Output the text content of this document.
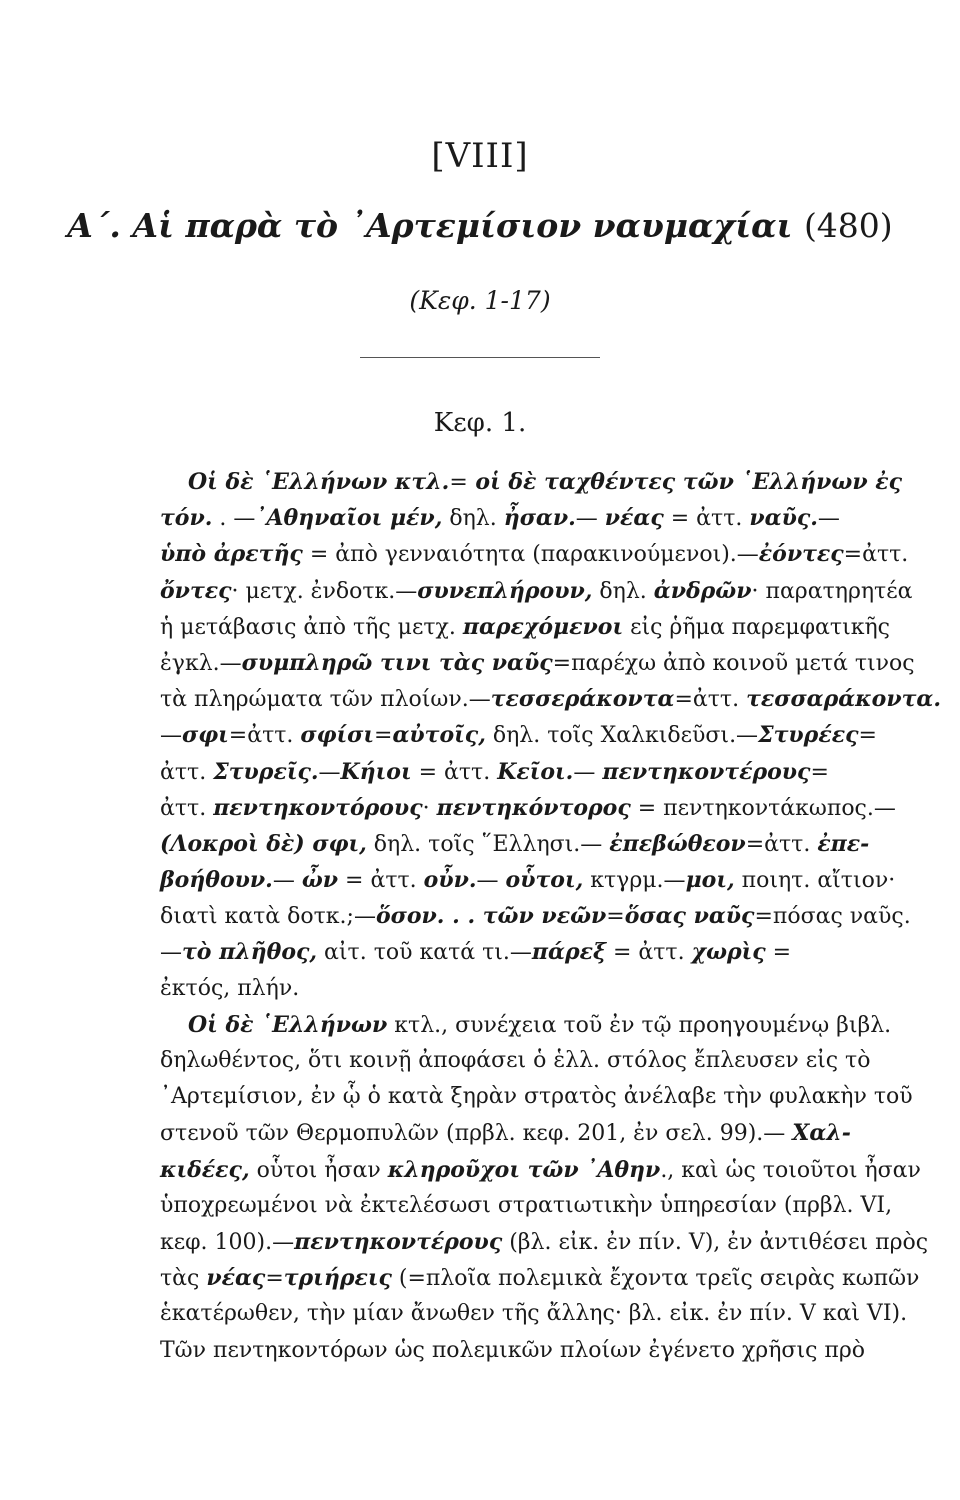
[VIII]
Α΄. Αἱ παρὰ τὸ ᾿Αρτεμίσιον ναυμαχίαι (480)
(Κεφ. 1-17)
Κεφ. 1.
Οἱ δὲ ῾Ελλήνων κτλ.= οἱ δὲ ταχθέντες τῶν ῾Ελλήνων ἐς
τόν. . —᾿Αθηναῖοι μέν, δηλ. ἦσαν.— νέας = ἀττ. ναῦς.—
ὑπὸ ἀρετῆς = ἀπὸ γενναιότητα (παρακινούμενοι).—ἐόντες=ἀττ.
ὄντες· μετχ. ἐνδοτκ.—συνεπλήρουν, δηλ. ἀνδρῶν· παρατηρητέα
ἡ μετάβασις ἀπὸ τῆς μετχ. παρεχόμενοι εἰς ῥῆμα παρεμφατικῆς
ἐγκλ.—συμπληρῶ τινι τὰς ναῦς=παρέχω ἀπὸ κοινοῦ μετά τινος
τὰ πληρώματα τῶν πλοίων.—τεσσεράκοντα=ἀττ. τεσσαράκοντα.
—σφι=ἀττ. σφίσι=αὐτοῖς, δηλ. τοῖς Χαλκιδεῦσι.—Στυρέες=
ἀττ. Στυρεῖς.—Κήιοι = ἀττ. Κεῖοι.— πεντηκοντέρους=
ἀττ. πεντηκοντόρους· πεντηκόντορος = πεντηκοντάκωπος.—
(Λοκροὶ δὲ) σφι, δηλ. τοῖς ῞Ελλησι.— ἐπεβώθεον=ἀττ. ἐπε-
βοήθουν.— ὦν = ἀττ. οὖν.— οὗτοι, κτγρμ.—μοι, ποιητ. αἴτιον·
διατὶ κατὰ δοτκ.;—ὅσον. . . τῶν νεῶν=ὅσας ναῦς=πόσας ναῦς.
—τὸ πλῆθος, αἰτ. τοῦ κατά τι.—πάρεξ = ἀττ. χωρὶς =
ἐκτός, πλήν.
Οἱ δὲ ῾Ελλήνων κτλ., συνέχεια τοῦ ἐν τῷ προηγουμένῳ βιβλ.
δηλωθέντος, ὅτι κοινῇ ἀποφάσει ὁ ἑλλ. στόλος ἔπλευσεν εἰς τὸ
᾿Αρτεμίσιον, ἐν ᾧ ὁ κατὰ ξηρὰν στρατὸς ἀνέλαβε τὴν φυλακὴν τοῦ
στενοῦ τῶν Θερμοπυλῶν (πρβλ. κεφ. 201, ἐν σελ. 99).— Χαλ-
κιδέες, οὗτοι ἦσαν κληροῦχοι τῶν ᾿Αθην., καὶ ὡς τοιοῦτοι ἦσαν
ὑποχρεωμένοι νὰ ἐκτελέσωσι στρατιωτικὴν ὑπηρεσίαν (πρβλ. VI,
κεφ. 100).—πεντηκοντέρους (βλ. εἰκ. ἐν πίν. V), ἐν ἀντιθέσει πρὸς
τὰς νέας=τριήρεις (=πλοῖα πολεμικὰ ἔχοντα τρεῖς σειρὰς κωπῶν
ἑκατέρωθεν, τὴν μίαν ἄνωθεν τῆς ἄλλης· βλ. εἰκ. ἐν πίν. V καὶ VI).
Τῶν πεντηκοντόρων ὡς πολεμικῶν πλοίων ἐγένετο χρῆσις πρὸ
